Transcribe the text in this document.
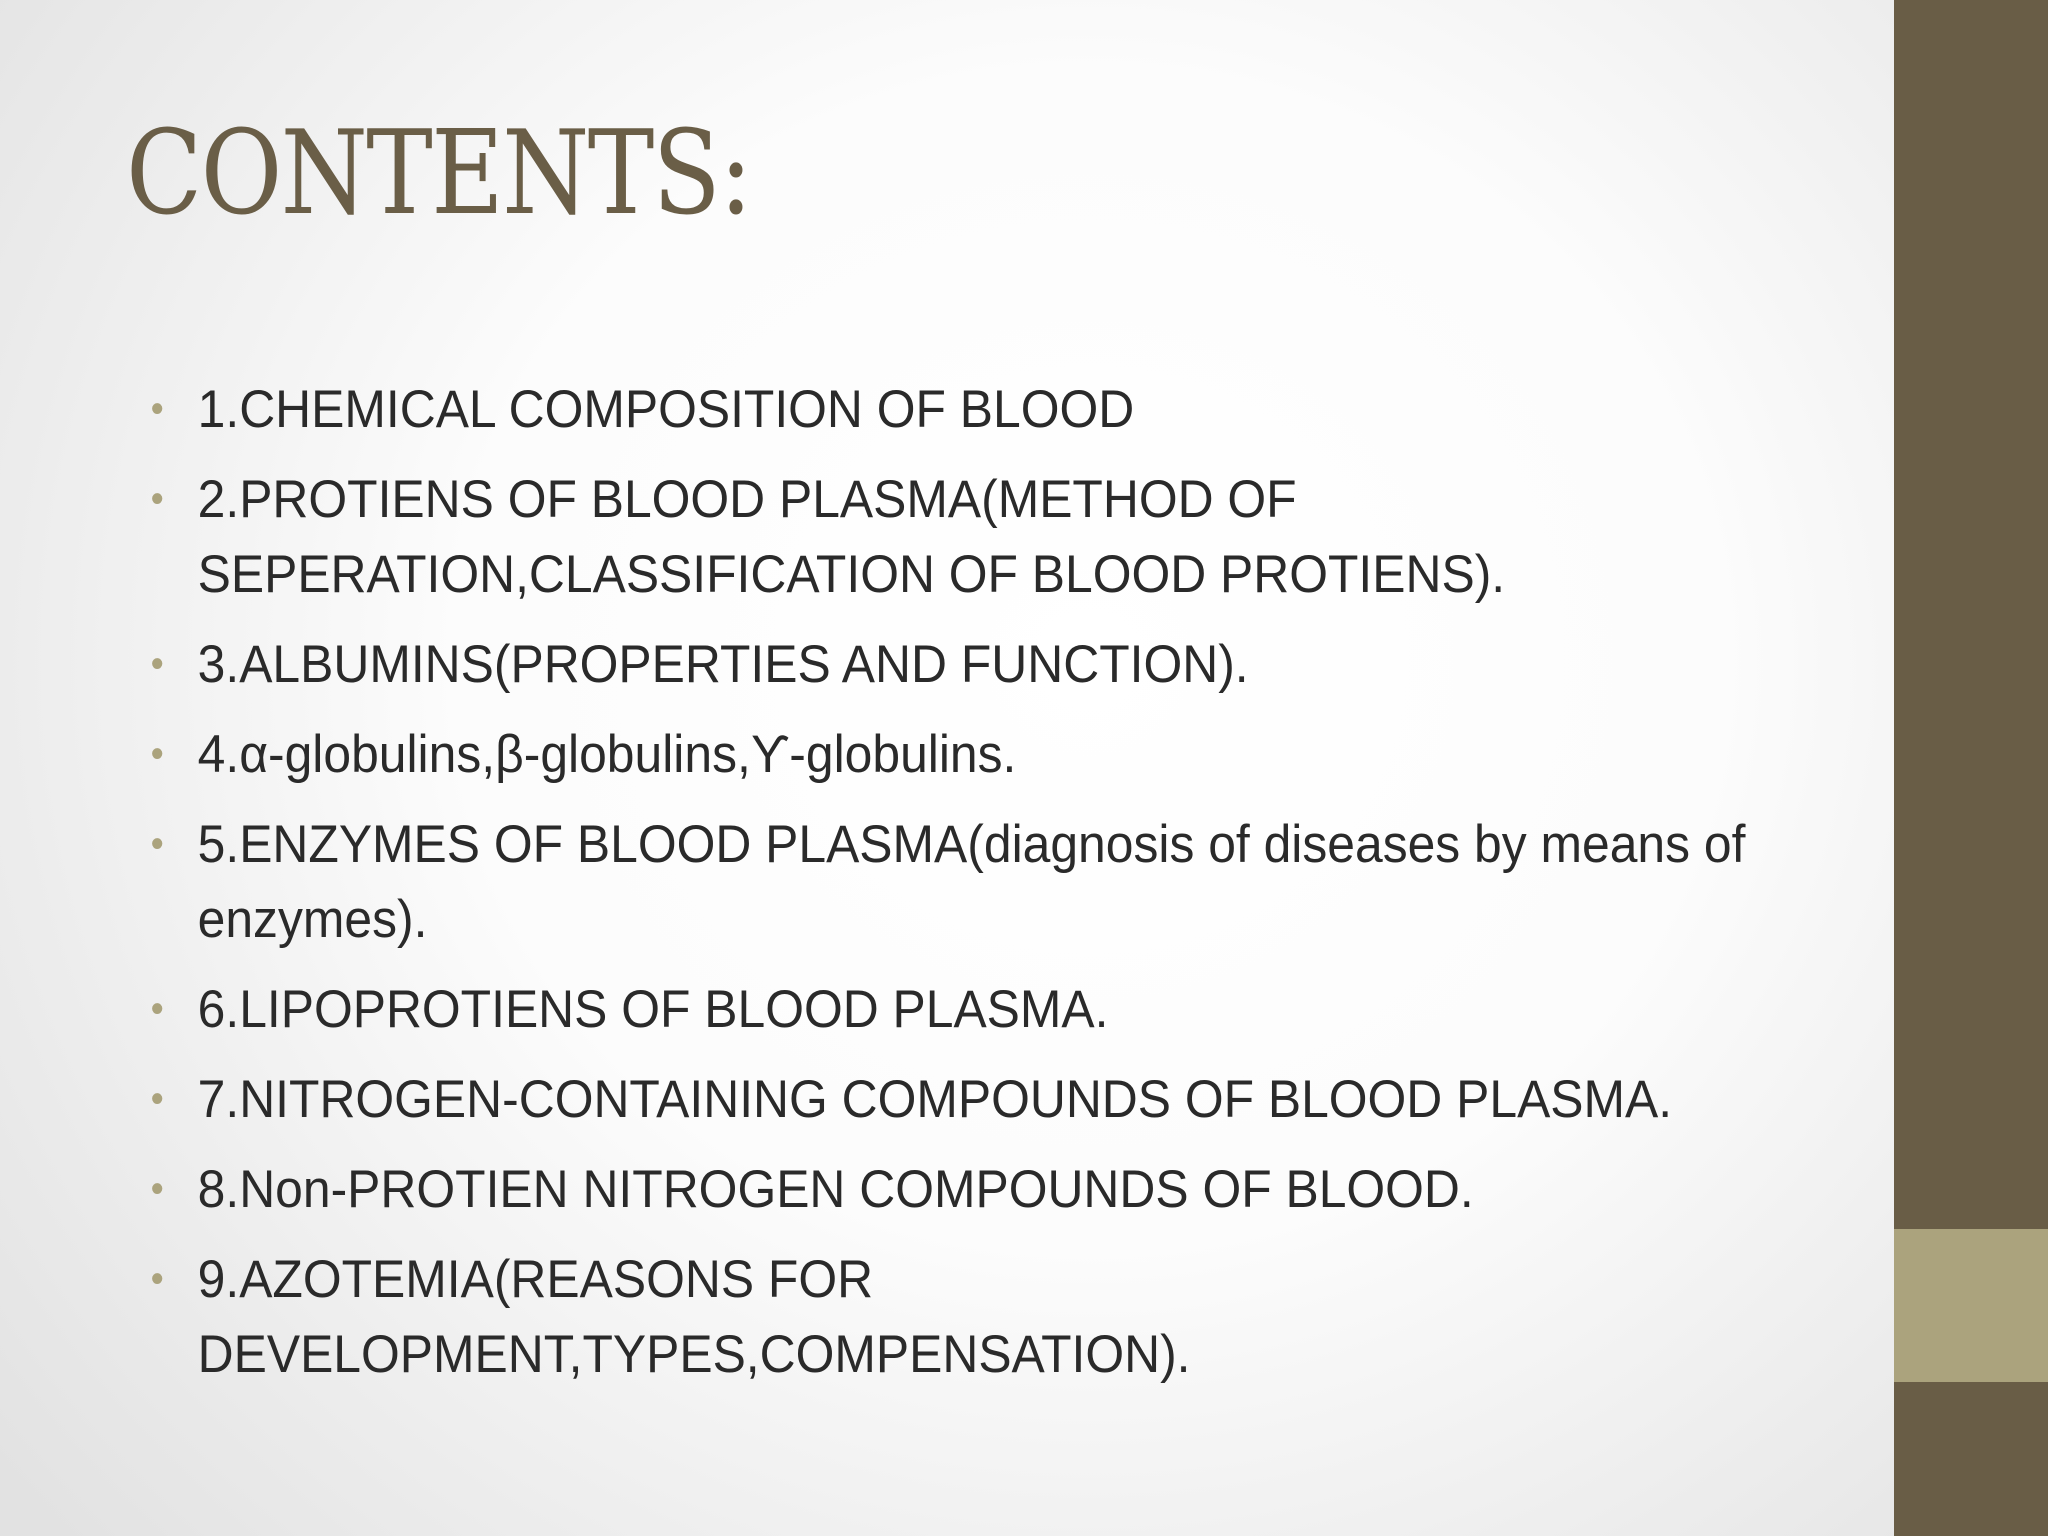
CONTENTS:
• 1.CHEMICAL COMPOSITION OF BLOOD
• 2.PROTIENS OF BLOOD PLASMA(METHOD OF SEPERATION,CLASSIFICATION OF BLOOD PROTIENS).
• 3.ALBUMINS(PROPERTIES AND FUNCTION).
• 4.α-globulins,β-globulins,ϒ-globulins.
• 5.ENZYMES OF BLOOD PLASMA(diagnosis of diseases by means of enzymes).
• 6.LIPOPROTIENS OF BLOOD PLASMA.
• 7.NITROGEN-CONTAINING COMPOUNDS OF BLOOD PLASMA.
• 8.Non-PROTIEN NITROGEN COMPOUNDS OF BLOOD.
• 9.AZOTEMIA(REASONS FOR DEVELOPMENT,TYPES,COMPENSATION).
